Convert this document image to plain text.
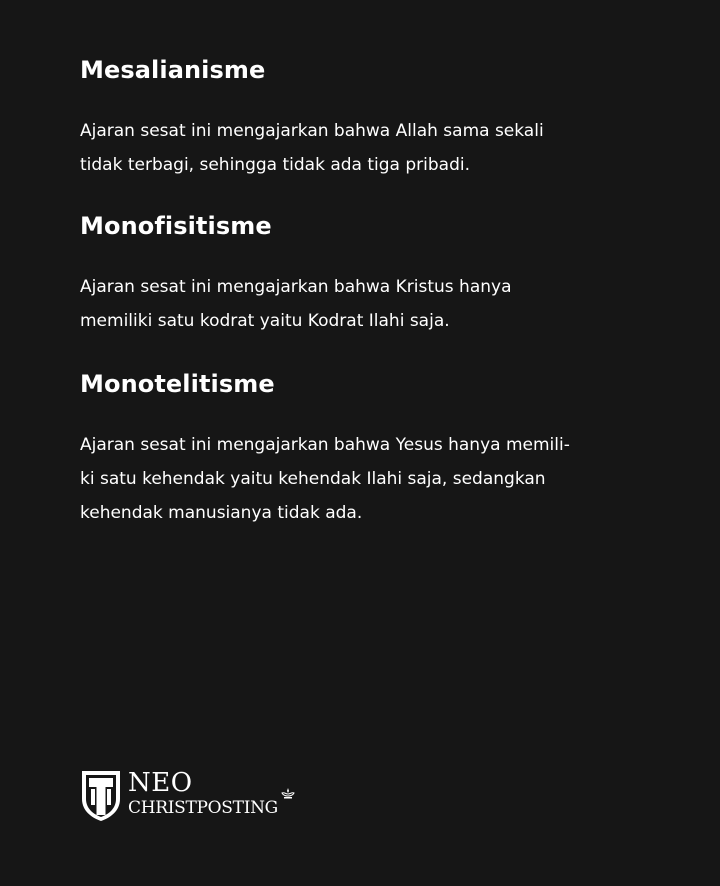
Mesalianisme

Ajaran sesat ini mengajarkan bahwa Allah sama sekali
tidak terbagi, sehingga tidak ada tiga pribadi.

Monofisitisme

Ajaran sesat ini mengajarkan bahwa Kristus hanya
memiliki satu kodrat yaitu Kodrat Ilahi saja.

Monotelitisme

Ajaran sesat ini mengajarkan bahwa Yesus hanya memili-
ki satu kehendak yaitu kehendak Ilahi saja, sedangkan
kehendak manusianya tidak ada.

NEO
CHRISTPOSTING
